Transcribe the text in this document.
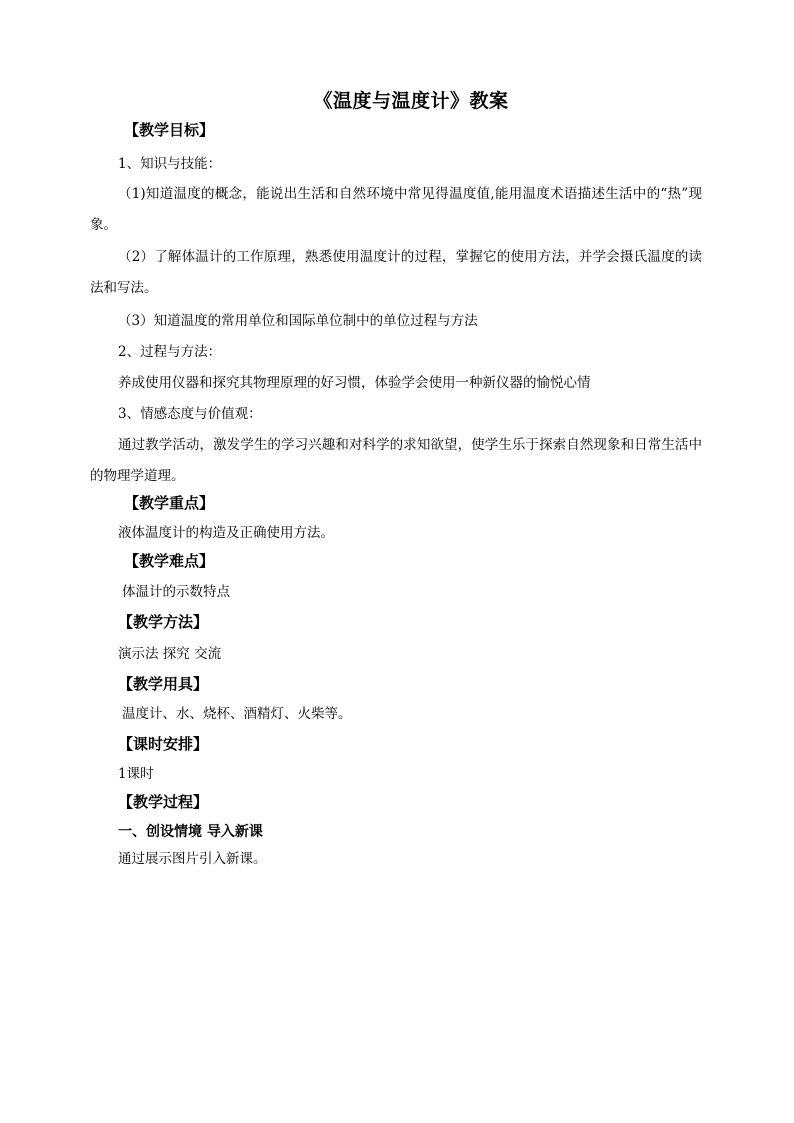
《温度与温度计》教案
【教学目标】
1、知识与技能：
（1)知道温度的概念，能说出生活和自然环境中常见得温度值,能用温度术语描述生活中的“热”现象。
（2）了解体温计的工作原理，熟悉使用温度计的过程，掌握它的使用方法，并学会摄氏温度的读法和写法。
（3）知道温度的常用单位和国际单位制中的单位过程与方法
2、过程与方法：
养成使用仪器和探究其物理原理的好习惯，体验学会使用一种新仪器的愉悦心情
3、情感态度与价值观：
通过教学活动，激发学生的学习兴趣和对科学的求知欲望，使学生乐于探索自然现象和日常生活中的物理学道理。
【教学重点】
液体温度计的构造及正确使用方法。
【教学难点】
体温计的示数特点
【教学方法】
演示法 探究 交流
【教学用具】
温度计、水、烧杯、酒精灯、火柴等。
【课时安排】
1课时
【教学过程】
一、创设情境 导入新课
通过展示图片引入新课。
